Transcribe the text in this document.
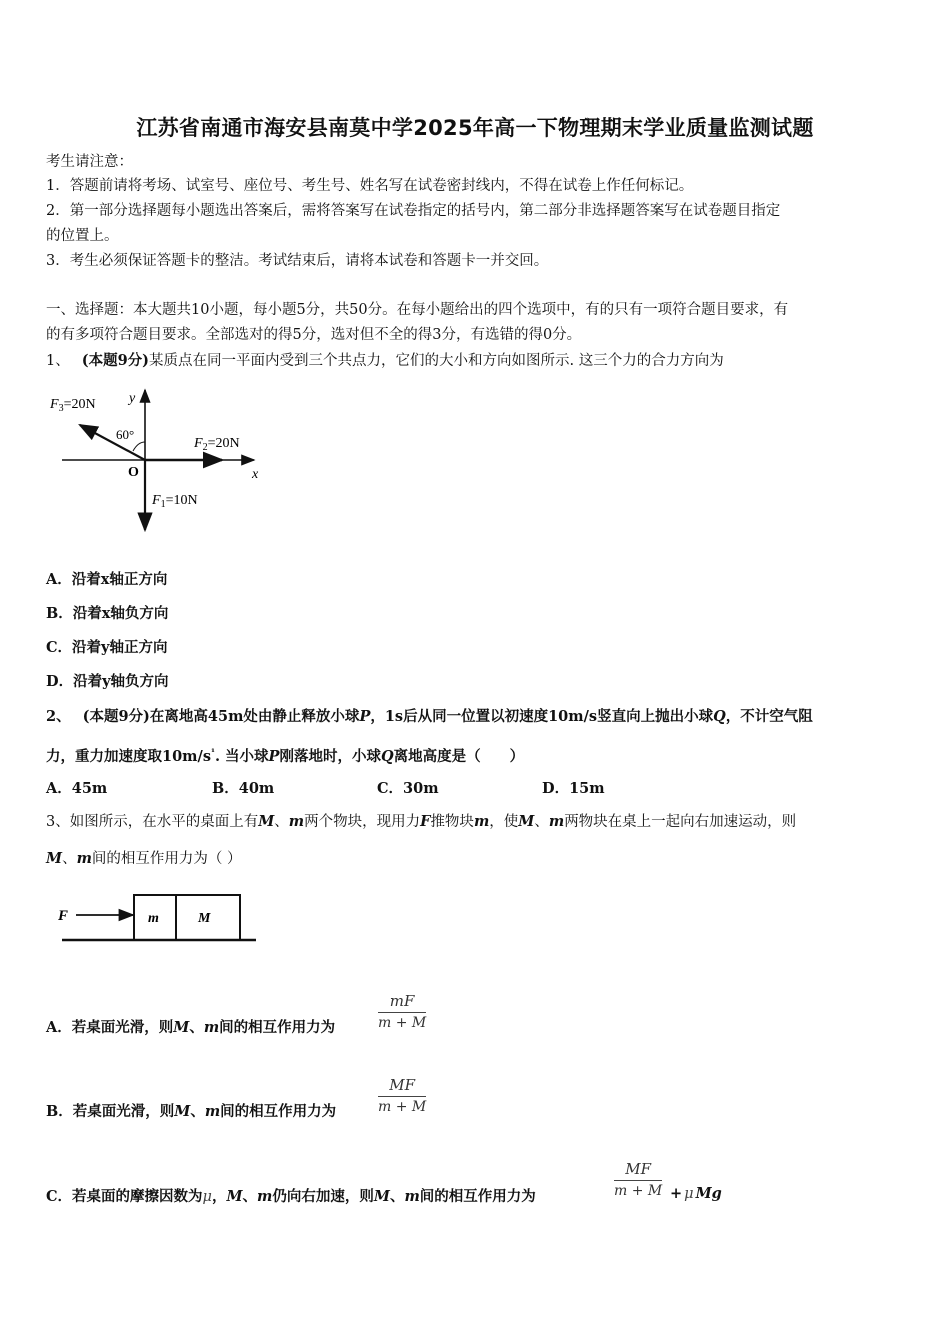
江苏省南通市海安县南莫中学2025年高一下物理期末学业质量监测试题
考生请注意：
1．答题前请将考场、试室号、座位号、考生号、姓名写在试卷密封线内，不得在试卷上作任何标记。
2．第一部分选择题每小题选出答案后，需将答案写在试卷指定的括号内，第二部分非选择题答案写在试卷题目指定
的位置上。
3．考生必须保证答题卡的整洁。考试结束后，请将本试卷和答题卡一并交回。
一、选择题：本大题共10小题，每小题5分，共50分。在每小题给出的四个选项中，有的只有一项符合题目要求，有
的有多项符合题目要求。全部选对的得5分，选对但不全的得3分，有选错的得0分。
1、 (本题9分)某质点在同一平面内受到三个共点力，它们的大小和方向如图所示. 这三个力的合力方向为
$F_3=20N$
60°
y
$F_2=20N$
O	x
$F_1=10N$
A．沿着x轴正方向
B．沿着x轴负方向
C．沿着y轴正方向
D．沿着y轴负方向
2、 (本题9分)在离地高45m处由静止释放小球P，1s后从同一位置以初速度10m/s竖直向上抛出小球Q，不计空气阻
力，重力加速度取$10m/s^{^1}$. 当小球P刚落地时，小球Q离地高度是（　　）
A．45m	B．40m	C．30m	D．15m
3、如图所示，在水平的桌面上有M、m两个物块，现用力F推物块m，使M、m两物块在桌上一起向右加速运动，则
M、m间的相互作用力为（ ）
F	m	M
A．若桌面光滑，则M、m间的相互作用力为	$\frac{mF}{m + M}$
B．若桌面光滑，则M、m间的相互作用力为	$\frac{MF}{m + M}$
C．若桌面的摩擦因数为μ，M、m仍向右加速，则M、m间的相互作用力为	$\frac{MF}{m + M} + \mu$ Mg
